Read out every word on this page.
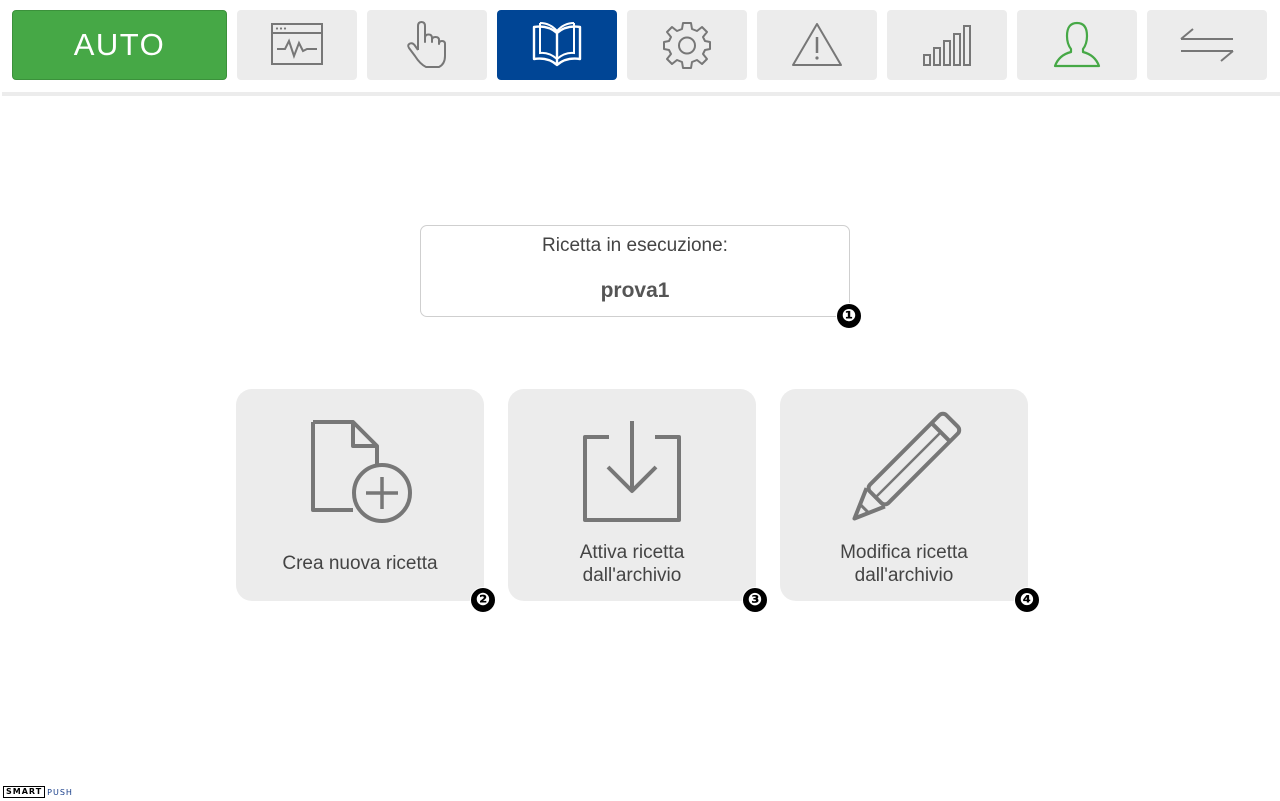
AUTO
Ricetta in esecuzione:
prova1
❶
Crea nuova ricetta
❷
Attiva ricetta
dall'archivio
❸
Modifica ricetta
dall'archivio
❹
SMART PUSH
